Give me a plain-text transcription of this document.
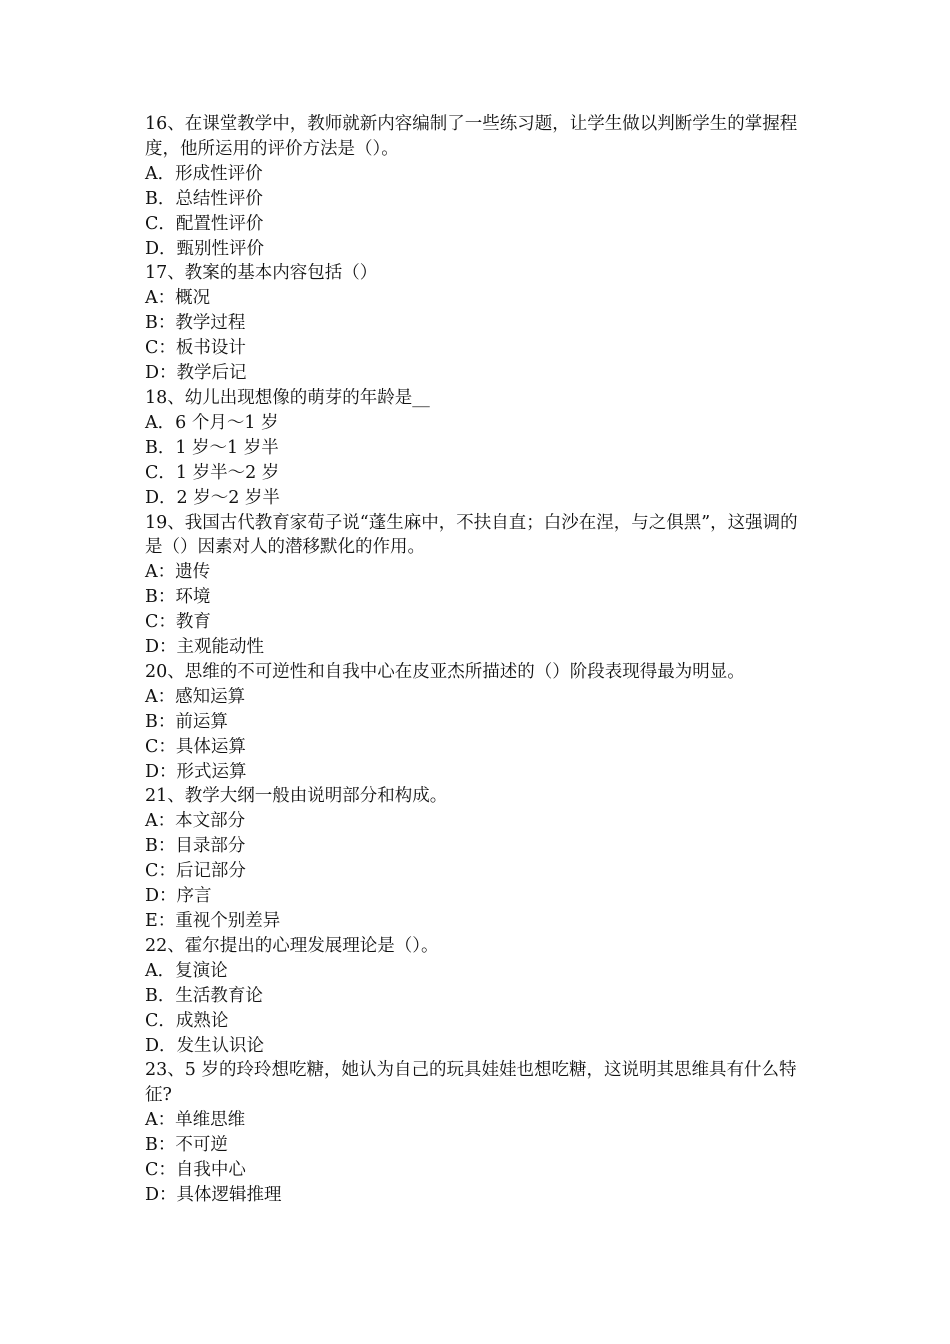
16、在课堂教学中，教师就新内容编制了一些练习题，让学生做以判断学生的掌握程度，他所运用的评价方法是（）。

A．形成性评价

B．总结性评价

C．配置性评价

D．甄别性评价

17、教案的基本内容包括（）

A：概况

B：教学过程

C：板书设计

D：教学后记

18、幼儿出现想像的萌芽的年龄是__

A．6 个月～1 岁

B．1 岁～1 岁半

C．1 岁半～2 岁

D．2 岁～2 岁半

19、我国古代教育家荀子说“蓬生麻中，不扶自直；白沙在涅，与之俱黑”，这强调的是（）因素对人的潜移默化的作用。

A：遗传

B：环境

C：教育

D：主观能动性

20、思维的不可逆性和自我中心在皮亚杰所描述的（）阶段表现得最为明显。

A：感知运算

B：前运算

C：具体运算

D：形式运算

21、教学大纲一般由说明部分和构成。

A：本文部分

B：目录部分

C：后记部分

D：序言

E：重视个别差异

22、霍尔提出的心理发展理论是（）。

A．复演论

B．生活教育论

C．成熟论

D．发生认识论

23、5 岁的玲玲想吃糖，她认为自己的玩具娃娃也想吃糖，这说明其思维具有什么特征?

A：单维思维

B：不可逆

C：自我中心

D：具体逻辑推理
